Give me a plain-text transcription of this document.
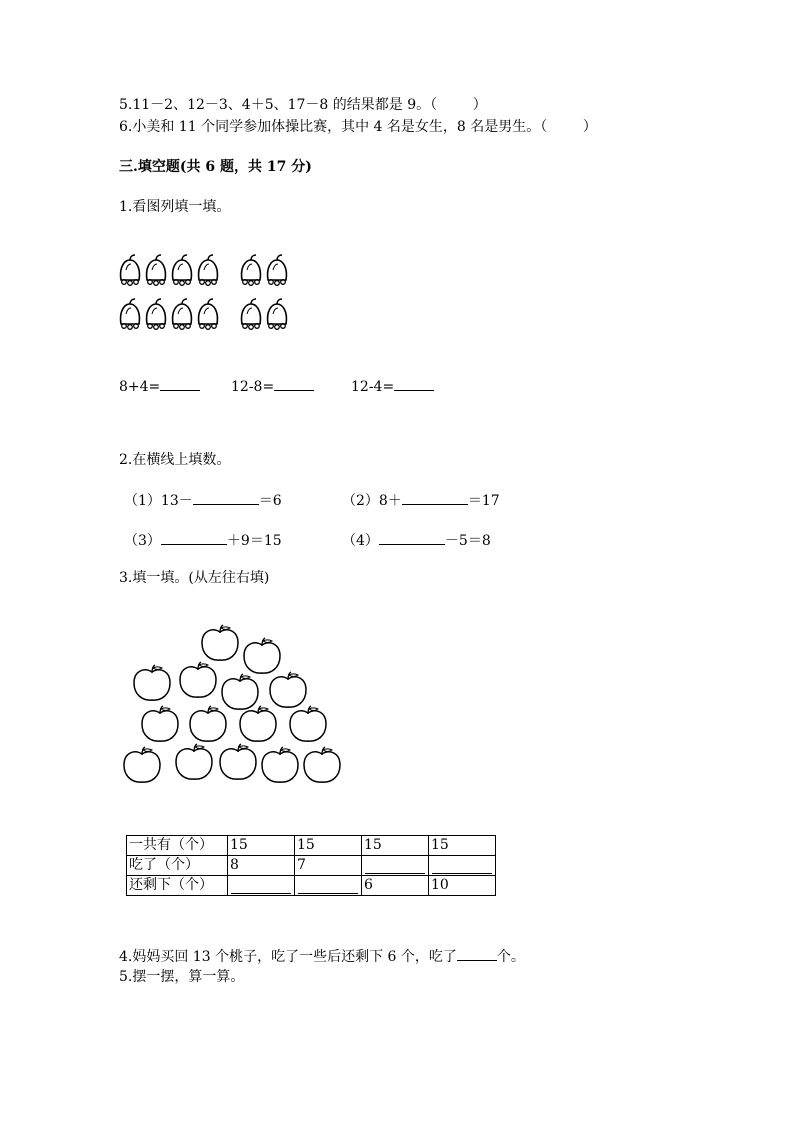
5.11－2、12－3、4＋5、17－8 的结果都是 9。（        ）
6.小美和 11 个同学参加体操比赛，其中 4 名是女生，8 名是男生。（        ）
三.填空题(共 6 题，共 17 分)
1.看图列填一填。
8+4=	12-8=	12-4=
2.在横线上填数。
（1）13－	＝6	（2）8＋	＝17
（3）	＋9＝15	（4）	－5＝8
3.填一填。(从左往右填)
一共有（个）	15	15	15	15
吃了（个）	8	7	

还剩下（个）			6	10
4.妈妈买回 13 个桃子，吃了一些后还剩下 6 个，吃了	个。
5.摆一摆，算一算。
